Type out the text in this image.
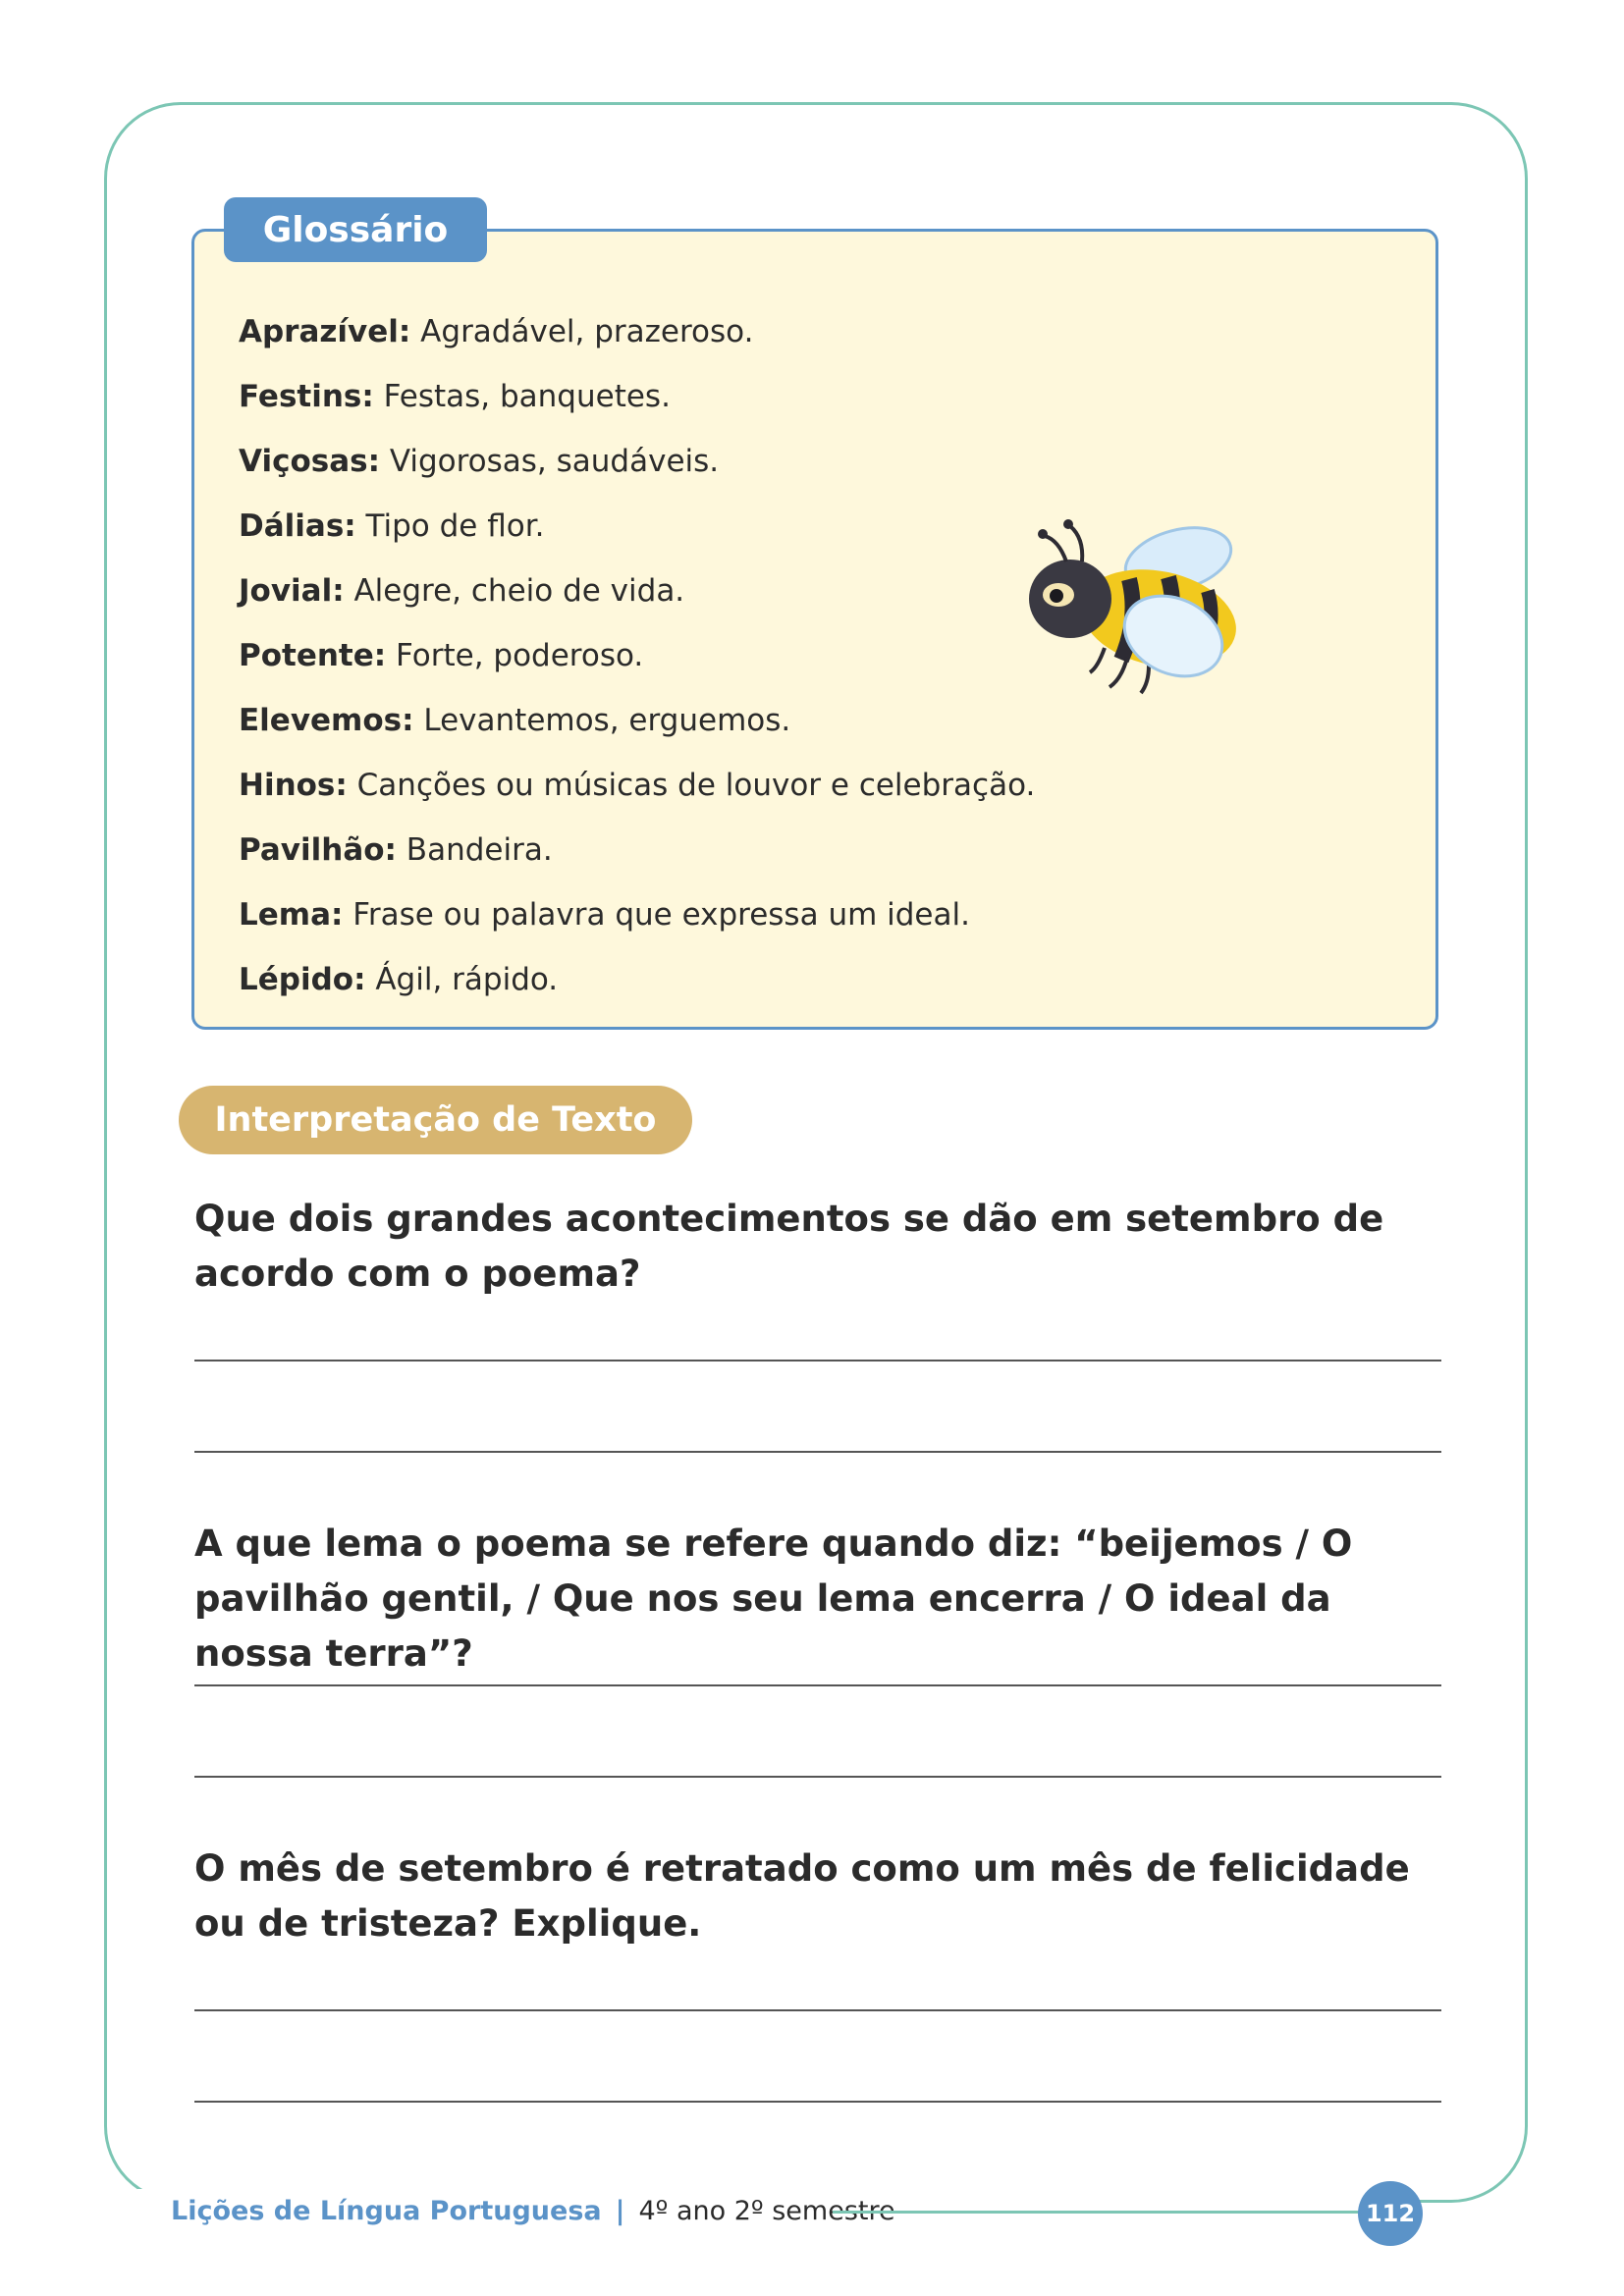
Glossário
Aprazível: Agradável, prazeroso.
Festins: Festas, banquetes.
Viçosas: Vigorosas, saudáveis.
Dálias: Tipo de flor.
Jovial: Alegre, cheio de vida.
Potente: Forte, poderoso.
Elevemos: Levantemos, erguemos.
Hinos: Canções ou músicas de louvor e celebração.
Pavilhão: Bandeira.
Lema: Frase ou palavra que expressa um ideal.
Lépido: Ágil, rápido.
Interpretação de Texto

Que dois grandes acontecimentos se dão em setembro de acordo com o poema?

A que lema o poema se refere quando diz: “beijemos / O pavilhão gentil, / Que nos seu lema encerra / O ideal da nossa terra”?

O mês de setembro é retratado como um mês de felicidade ou de tristeza? Explique.

Lições de Língua Portuguesa | 4º ano 2º semestre	112
